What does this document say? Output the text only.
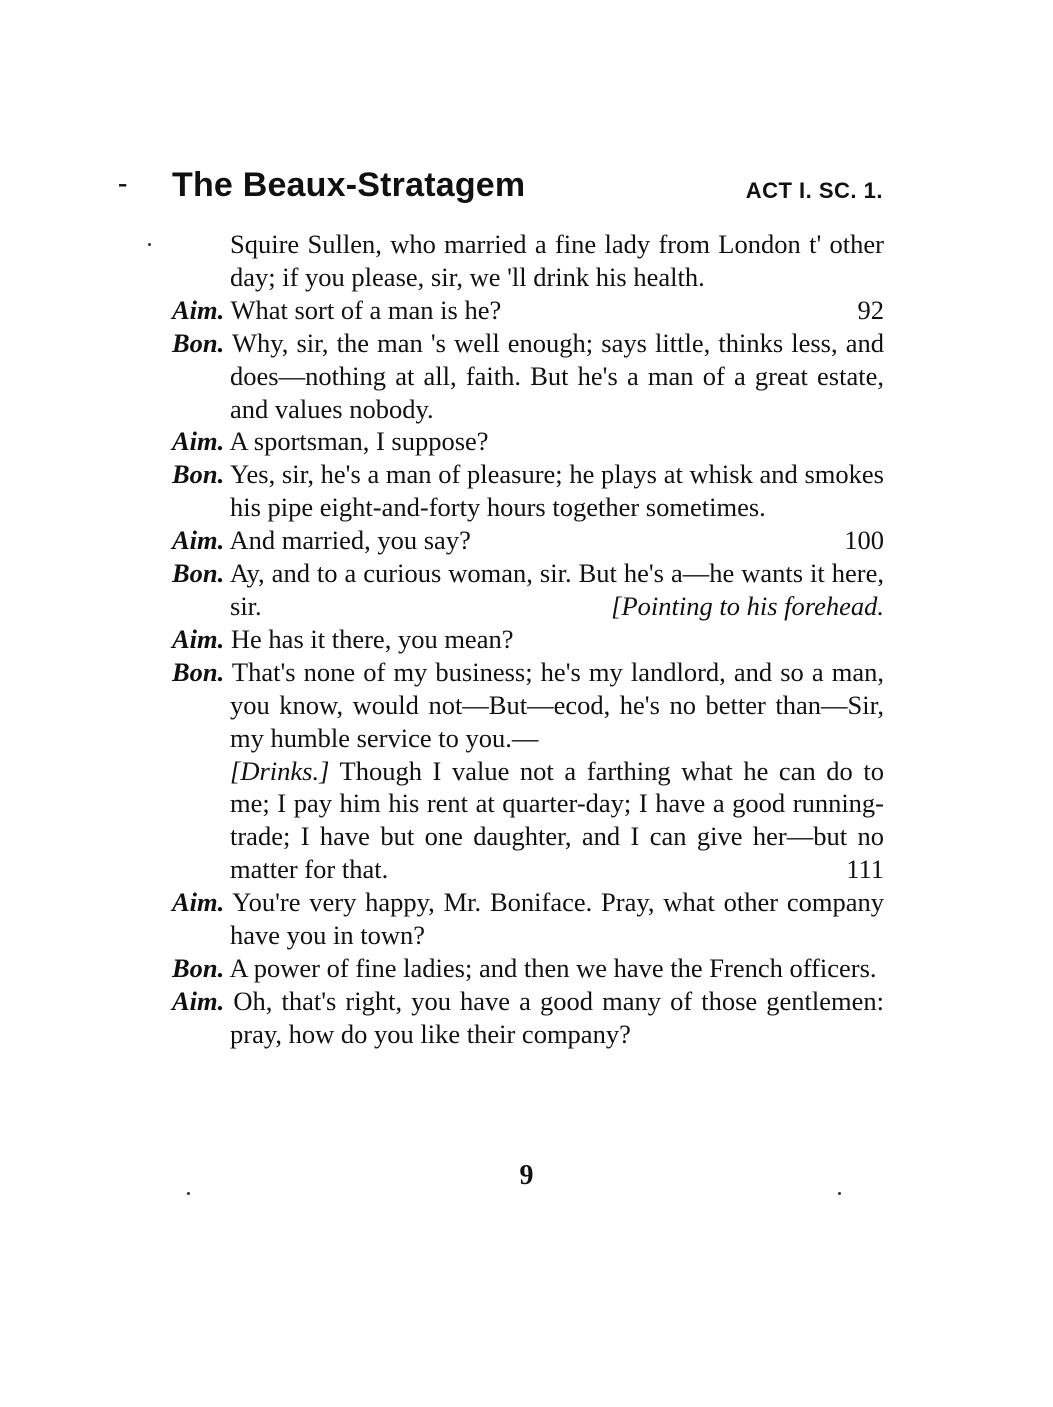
- The Beaux-Stratagem	ACT I. SC. 1.

Squire Sullen, who married a fine lady from London t' other day; if you please, sir, we 'll drink his health.

Aim. What sort of a man is he?	92

Bon. Why, sir, the man 's well enough; says little, thinks less, and does—nothing at all, faith. But he's a man of a great estate, and values nobody.

Aim. A sportsman, I suppose?

Bon. Yes, sir, he's a man of pleasure; he plays at whisk and smokes his pipe eight-and-forty hours together sometimes.

Aim. And married, you say?	100

Bon. Ay, and to a curious woman, sir. But he's a—he wants it here, sir.	[Pointing to his forehead.

Aim. He has it there, you mean?

Bon. That's none of my business; he's my landlord, and so a man, you know, would not—But—ecod, he's no better than—Sir, my humble service to you.—

[Drinks.] Though I value not a farthing what he can do to me; I pay him his rent at quarter-day; I have a good running-trade; I have but one daughter, and I can give her—but no matter for that.	111

Aim. You're very happy, Mr. Boniface. Pray, what other company have you in town?

Bon. A power of fine ladies; and then we have the French officers.

Aim. Oh, that's right, you have a good many of those gentlemen: pray, how do you like their company?

9
